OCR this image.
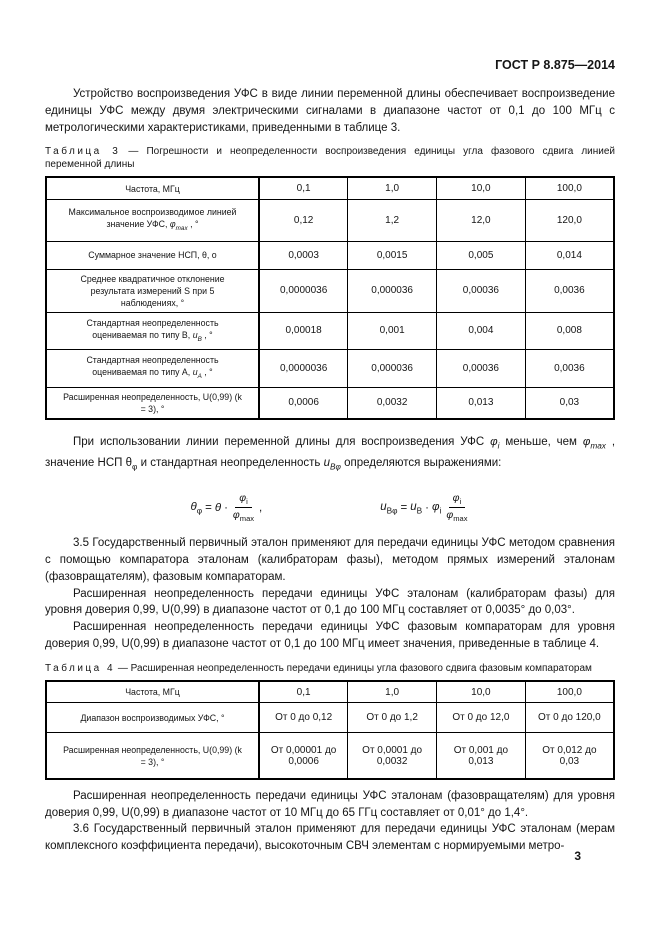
ГОСТ Р 8.875—2014

Устройство воспроизведения УФС в виде линии переменной длины обеспечивает воспроизведение единицы УФС между двумя электрическими сигналами в диапазоне частот от 0,1 до 100 МГц с метрологическими характеристиками, приведенными в таблице 3.

Таблица 3 — Погрешности и неопределенности воспроизведения единицы угла фазового сдвига линией переменной длины
Частота, МГц	0,1	1,0	10,0	100,0
Максимальное воспроизводимое линией значение УФС, $\varphi_{max}$ , °	0,12	1,2	12,0	120,0
Суммарное значение НСП, θ, о	0,0003	0,0015	0,005	0,014
Среднее квадратичное отклонение результата измерений S при 5 наблюдениях, °	0,0000036	0,000036	0,00036	0,0036
Стандартная неопределенность оцениваемая по типу В, $u_B$ , °	0,00018	0,001	0,004	0,008
Стандартная неопределенность оцениваемая по типу А, $u_A$ , °	0,0000036	0,000036	0,00036	0,0036
Расширенная неопределенность, U(0,99) (k = 3), °	0,0006	0,0032	0,013	0,03

При использовании линии переменной длины для воспроизведения УФС $\varphi_i$ меньше, чем $\varphi_{max}$ , значение НСП $\theta_\varphi$ и стандартная неопределенность $u_{B\varphi}$ определяются выражениями:

$\theta_\varphi = \theta \cdot \frac{\varphi_i}{\varphi_{max}}$ ,	$u_{B\varphi} = u_B \cdot \varphi_i \frac{\varphi_i}{\varphi_{max}}$

3.5 Государственный первичный эталон применяют для передачи единицы УФС методом сравнения с помощью компаратора эталонам (калибраторам фазы), методом прямых измерений эталонам (фазовращателям), фазовым компараторам.

Расширенная неопределенность передачи единицы УФС эталонам (калибраторам фазы) для уровня доверия 0,99, U(0,99) в диапазоне частот от 0,1 до 100 МГц составляет от 0,0035° до 0,03°.

Расширенная неопределенность передачи единицы УФС фазовым компараторам для уровня доверия 0,99, U(0,99) в диапазоне частот от 0,1 до 100 МГц имеет значения, приведенные в таблице 4.

Таблица 4 — Расширенная неопределенность передачи единицы угла фазового сдвига фазовым компараторам
Частота, МГц	0,1	1,0	10,0	100,0
Диапазон воспроизводимых УФС, °	От 0 до 0,12	От 0 до 1,2	От 0 до 12,0	От 0 до 120,0
Расширенная неопределенность, U(0,99) (k = 3), °	От 0,00001 до 0,0006	От 0,0001 до 0,0032	От 0,001 до 0,013	От 0,012 до 0,03

Расширенная неопределенность передачи единицы УФС эталонам (фазовращателям) для уровня доверия 0,99, U(0,99) в диапазоне частот от 10 МГц до 65 ГГц составляет от 0,01° до 1,4°.

3.6 Государственный первичный эталон применяют для передачи единицы УФС эталонам (мерам комплексного коэффициента передачи), высокоточным СВЧ элементам с нормируемыми метро-

3
